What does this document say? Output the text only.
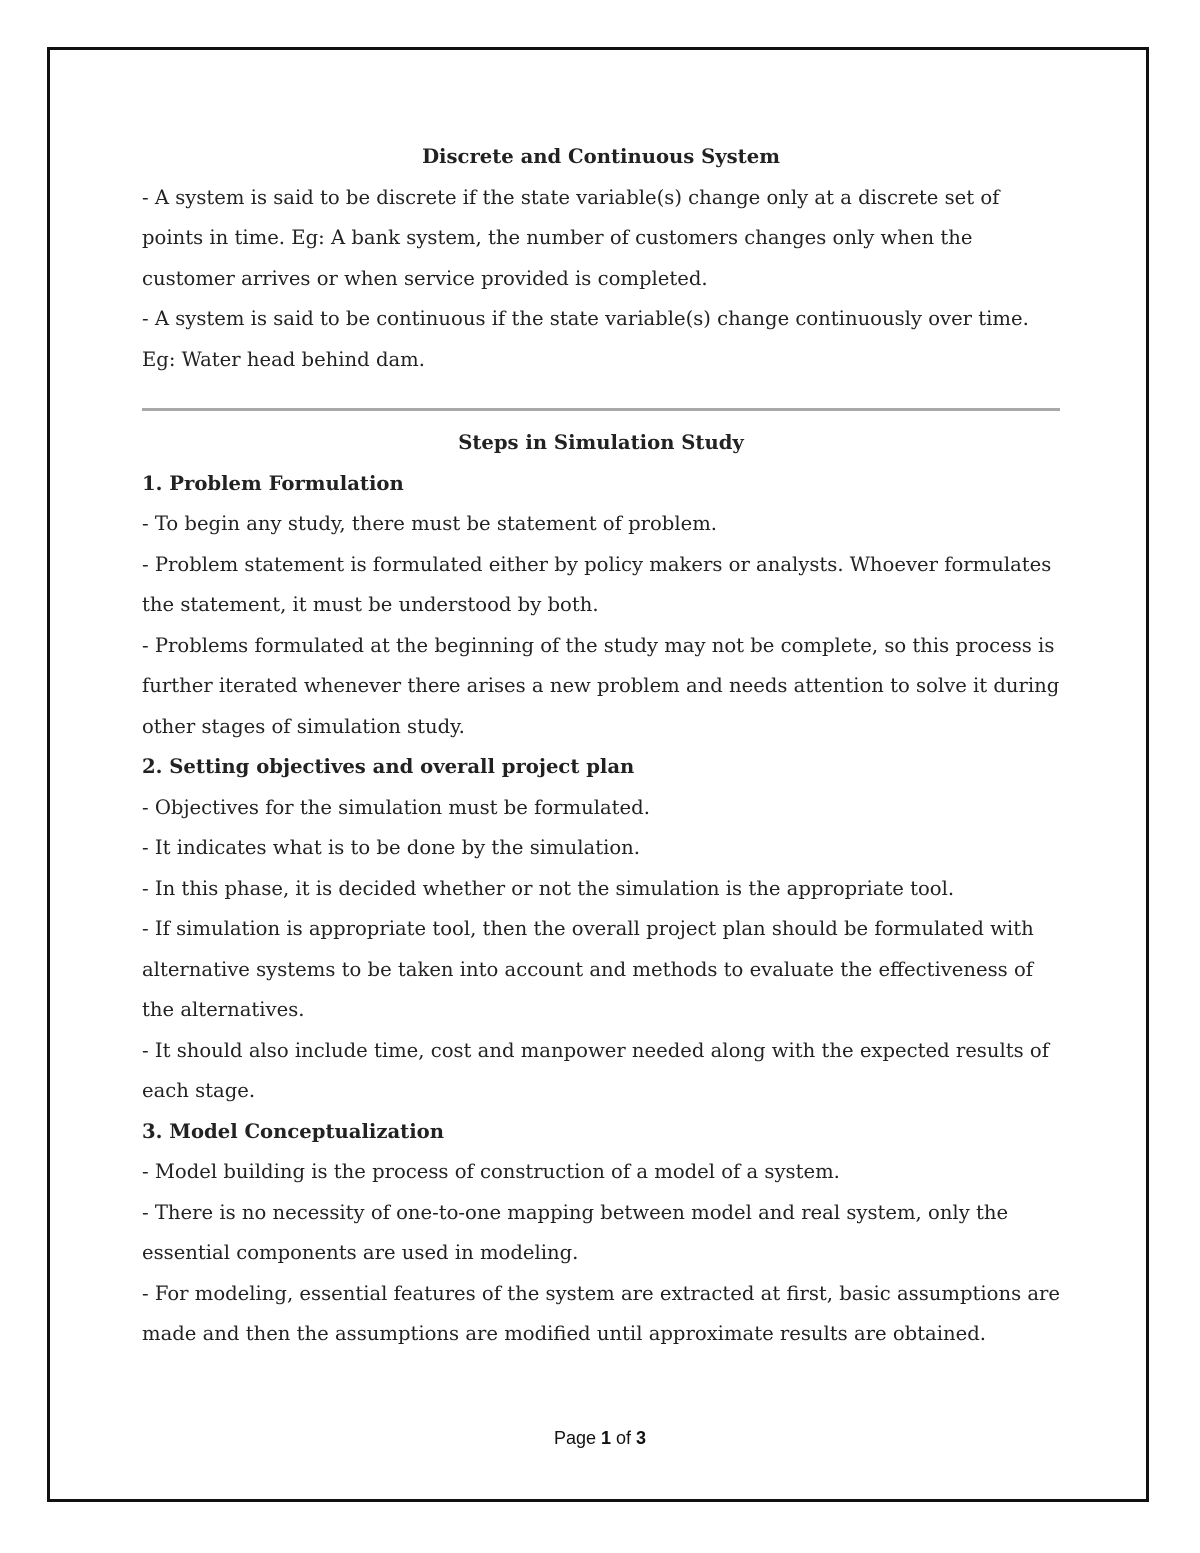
Discrete and Continuous System

- A system is said to be discrete if the state variable(s) change only at a discrete set of points in time. Eg: A bank system, the number of customers changes only when the customer arrives or when service provided is completed.

- A system is said to be continuous if the state variable(s) change continuously over time. Eg: Water head behind dam.

Steps in Simulation Study

1. Problem Formulation

- To begin any study, there must be statement of problem.

- Problem statement is formulated either by policy makers or analysts. Whoever formulates the statement, it must be understood by both.

- Problems formulated at the beginning of the study may not be complete, so this process is further iterated whenever there arises a new problem and needs attention to solve it during other stages of simulation study.

2. Setting objectives and overall project plan

- Objectives for the simulation must be formulated.

- It indicates what is to be done by the simulation.

- In this phase, it is decided whether or not the simulation is the appropriate tool.

- If simulation is appropriate tool, then the overall project plan should be formulated with alternative systems to be taken into account and methods to evaluate the effectiveness of the alternatives.

- It should also include time, cost and manpower needed along with the expected results of each stage.

3. Model Conceptualization

- Model building is the process of construction of a model of a system.

- There is no necessity of one-to-one mapping between model and real system, only the essential components are used in modeling.

- For modeling, essential features of the system are extracted at first, basic assumptions are made and then the assumptions are modified until approximate results are obtained.

Page 1 of 3
